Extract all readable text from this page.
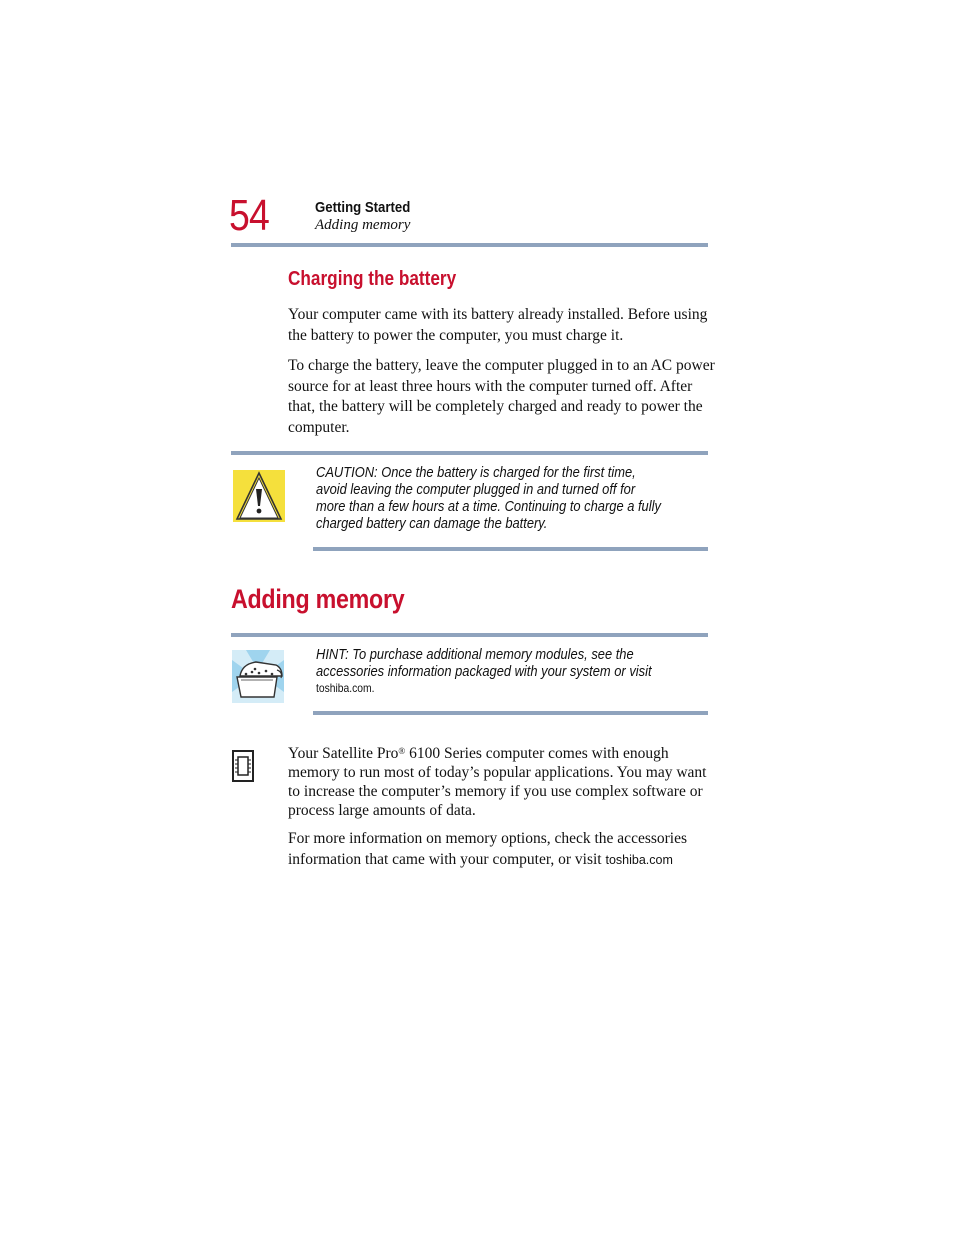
54	Getting Started
Adding memory
Charging the battery
Your computer came with its battery already installed. Before using the battery to power the computer, you must charge it.
To charge the battery, leave the computer plugged in to an AC power source for at least three hours with the computer turned off. After that, the battery will be completely charged and ready to power the computer.
CAUTION: Once the battery is charged for the first time,
avoid leaving the computer plugged in and turned off for
more than a few hours at a time. Continuing to charge a fully
charged battery can damage the battery.
Adding memory
HINT: To purchase additional memory modules, see the
accessories information packaged with your system or visit
toshiba.com.
Your Satellite Pro® 6100 Series computer comes with enough memory to run most of today’s popular applications. You may want to increase the computer’s memory if you use complex software or process large amounts of data.
For more information on memory options, check the accessories information that came with your computer, or visit toshiba.com
